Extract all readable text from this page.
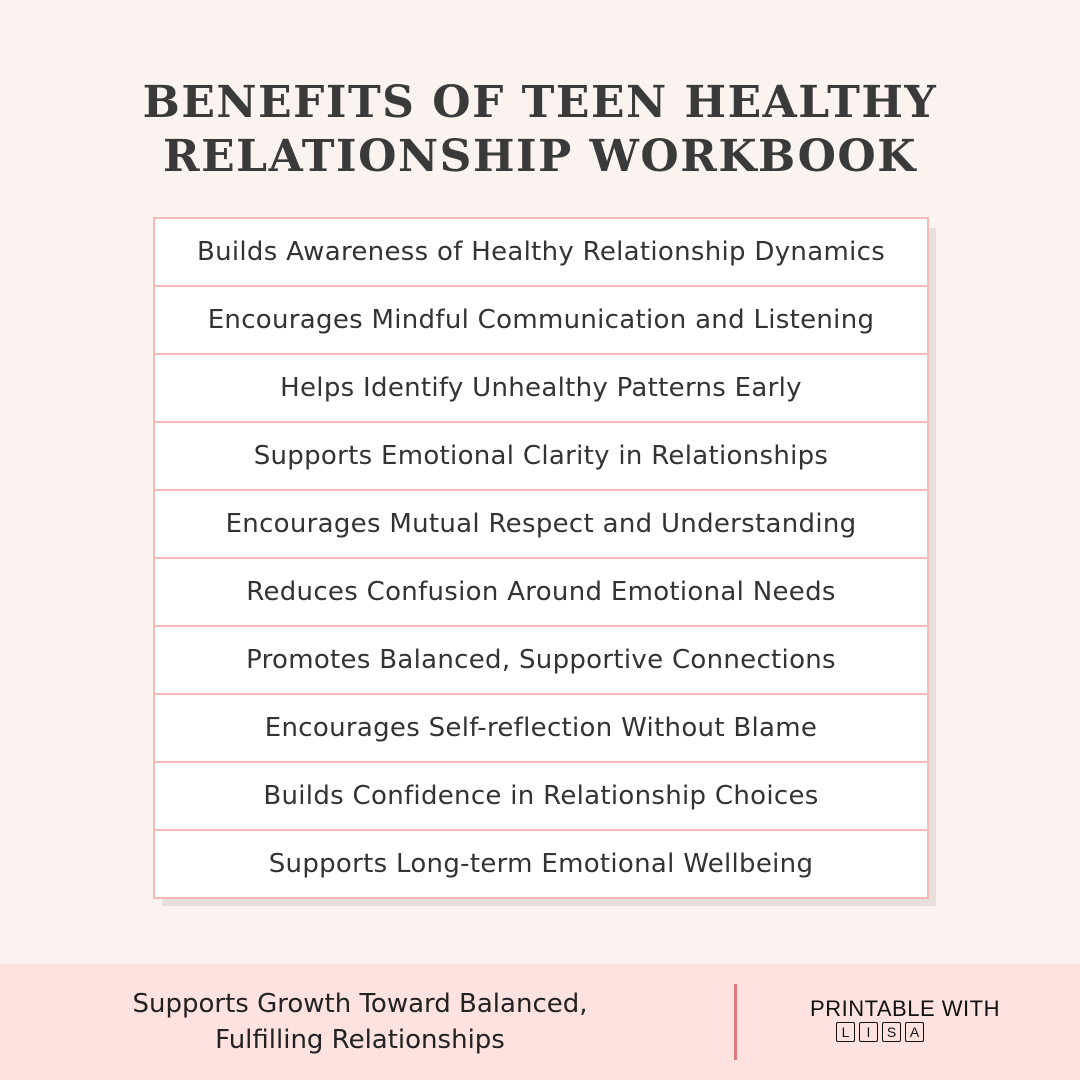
BENEFITS OF TEEN HEALTHY
RELATIONSHIP WORKBOOK
Builds Awareness of Healthy Relationship Dynamics
Encourages Mindful Communication and Listening
Helps Identify Unhealthy Patterns Early
Supports Emotional Clarity in Relationships
Encourages Mutual Respect and Understanding
Reduces Confusion Around Emotional Needs
Promotes Balanced, Supportive Connections
Encourages Self-reflection Without Blame
Builds Confidence in Relationship Choices
Supports Long-term Emotional Wellbeing
Supports Growth Toward Balanced,
Fulfilling Relationships
PRINTABLE WITH
L	I	S A
